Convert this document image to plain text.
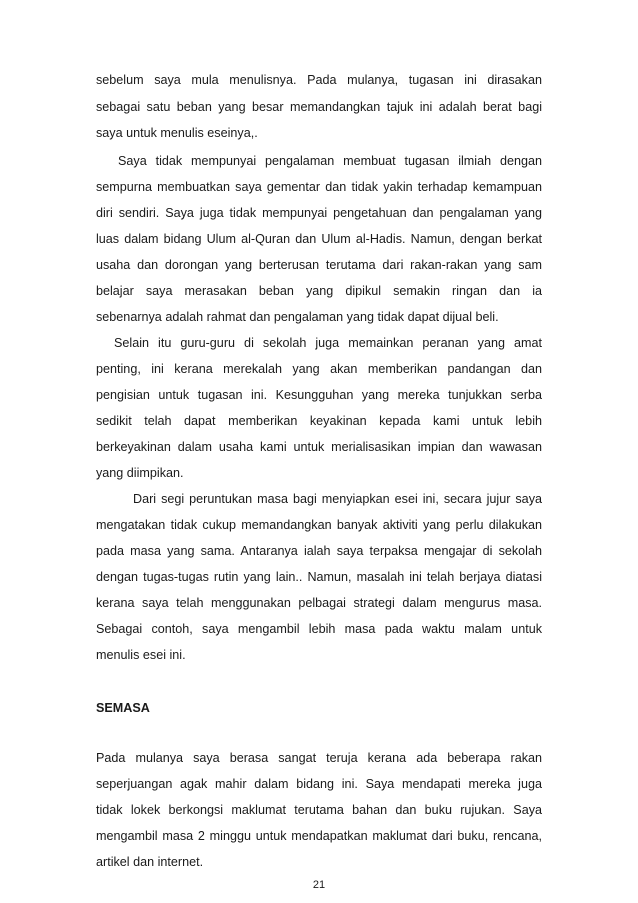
sebelum saya mula menulisnya. Pada mulanya, tugasan ini dirasakan
sebagai satu beban yang besar memandangkan tajuk ini adalah berat bagi
saya untuk menulis eseinya,.
Saya tidak mempunyai pengalaman membuat tugasan ilmiah dengan
sempurna membuatkan saya gementar dan tidak yakin terhadap kemampuan
diri sendiri. Saya juga tidak mempunyai pengetahuan dan pengalaman yang
luas dalam bidang Ulum al-Quran dan Ulum al-Hadis. Namun, dengan berkat
usaha dan dorongan yang berterusan terutama dari rakan-rakan yang sam
belajar saya merasakan beban yang dipikul semakin ringan dan ia
sebenarnya adalah rahmat dan pengalaman yang tidak dapat dijual beli.
Selain itu guru-guru di sekolah juga memainkan peranan yang amat
penting, ini kerana merekalah yang akan memberikan pandangan dan
pengisian untuk tugasan ini. Kesungguhan yang mereka tunjukkan serba
sedikit telah dapat memberikan keyakinan kepada kami untuk lebih
berkeyakinan dalam usaha kami untuk merialisasikan impian dan wawasan
yang diimpikan.
Dari segi peruntukan masa bagi menyiapkan esei ini, secara jujur saya
mengatakan tidak cukup memandangkan banyak aktiviti yang perlu dilakukan
pada masa yang sama. Antaranya ialah saya terpaksa mengajar di sekolah
dengan tugas-tugas rutin yang lain.. Namun, masalah ini telah berjaya diatasi
kerana saya telah menggunakan pelbagai strategi dalam mengurus masa.
Sebagai contoh, saya mengambil lebih masa pada waktu malam untuk
menulis esei ini.
SEMASA
Pada mulanya saya berasa sangat teruja kerana ada beberapa rakan
seperjuangan agak mahir dalam bidang ini. Saya mendapati mereka juga
tidak lokek berkongsi maklumat terutama bahan dan buku rujukan. Saya
mengambil masa 2 minggu untuk mendapatkan maklumat dari buku, rencana,
artikel dan internet.
21
